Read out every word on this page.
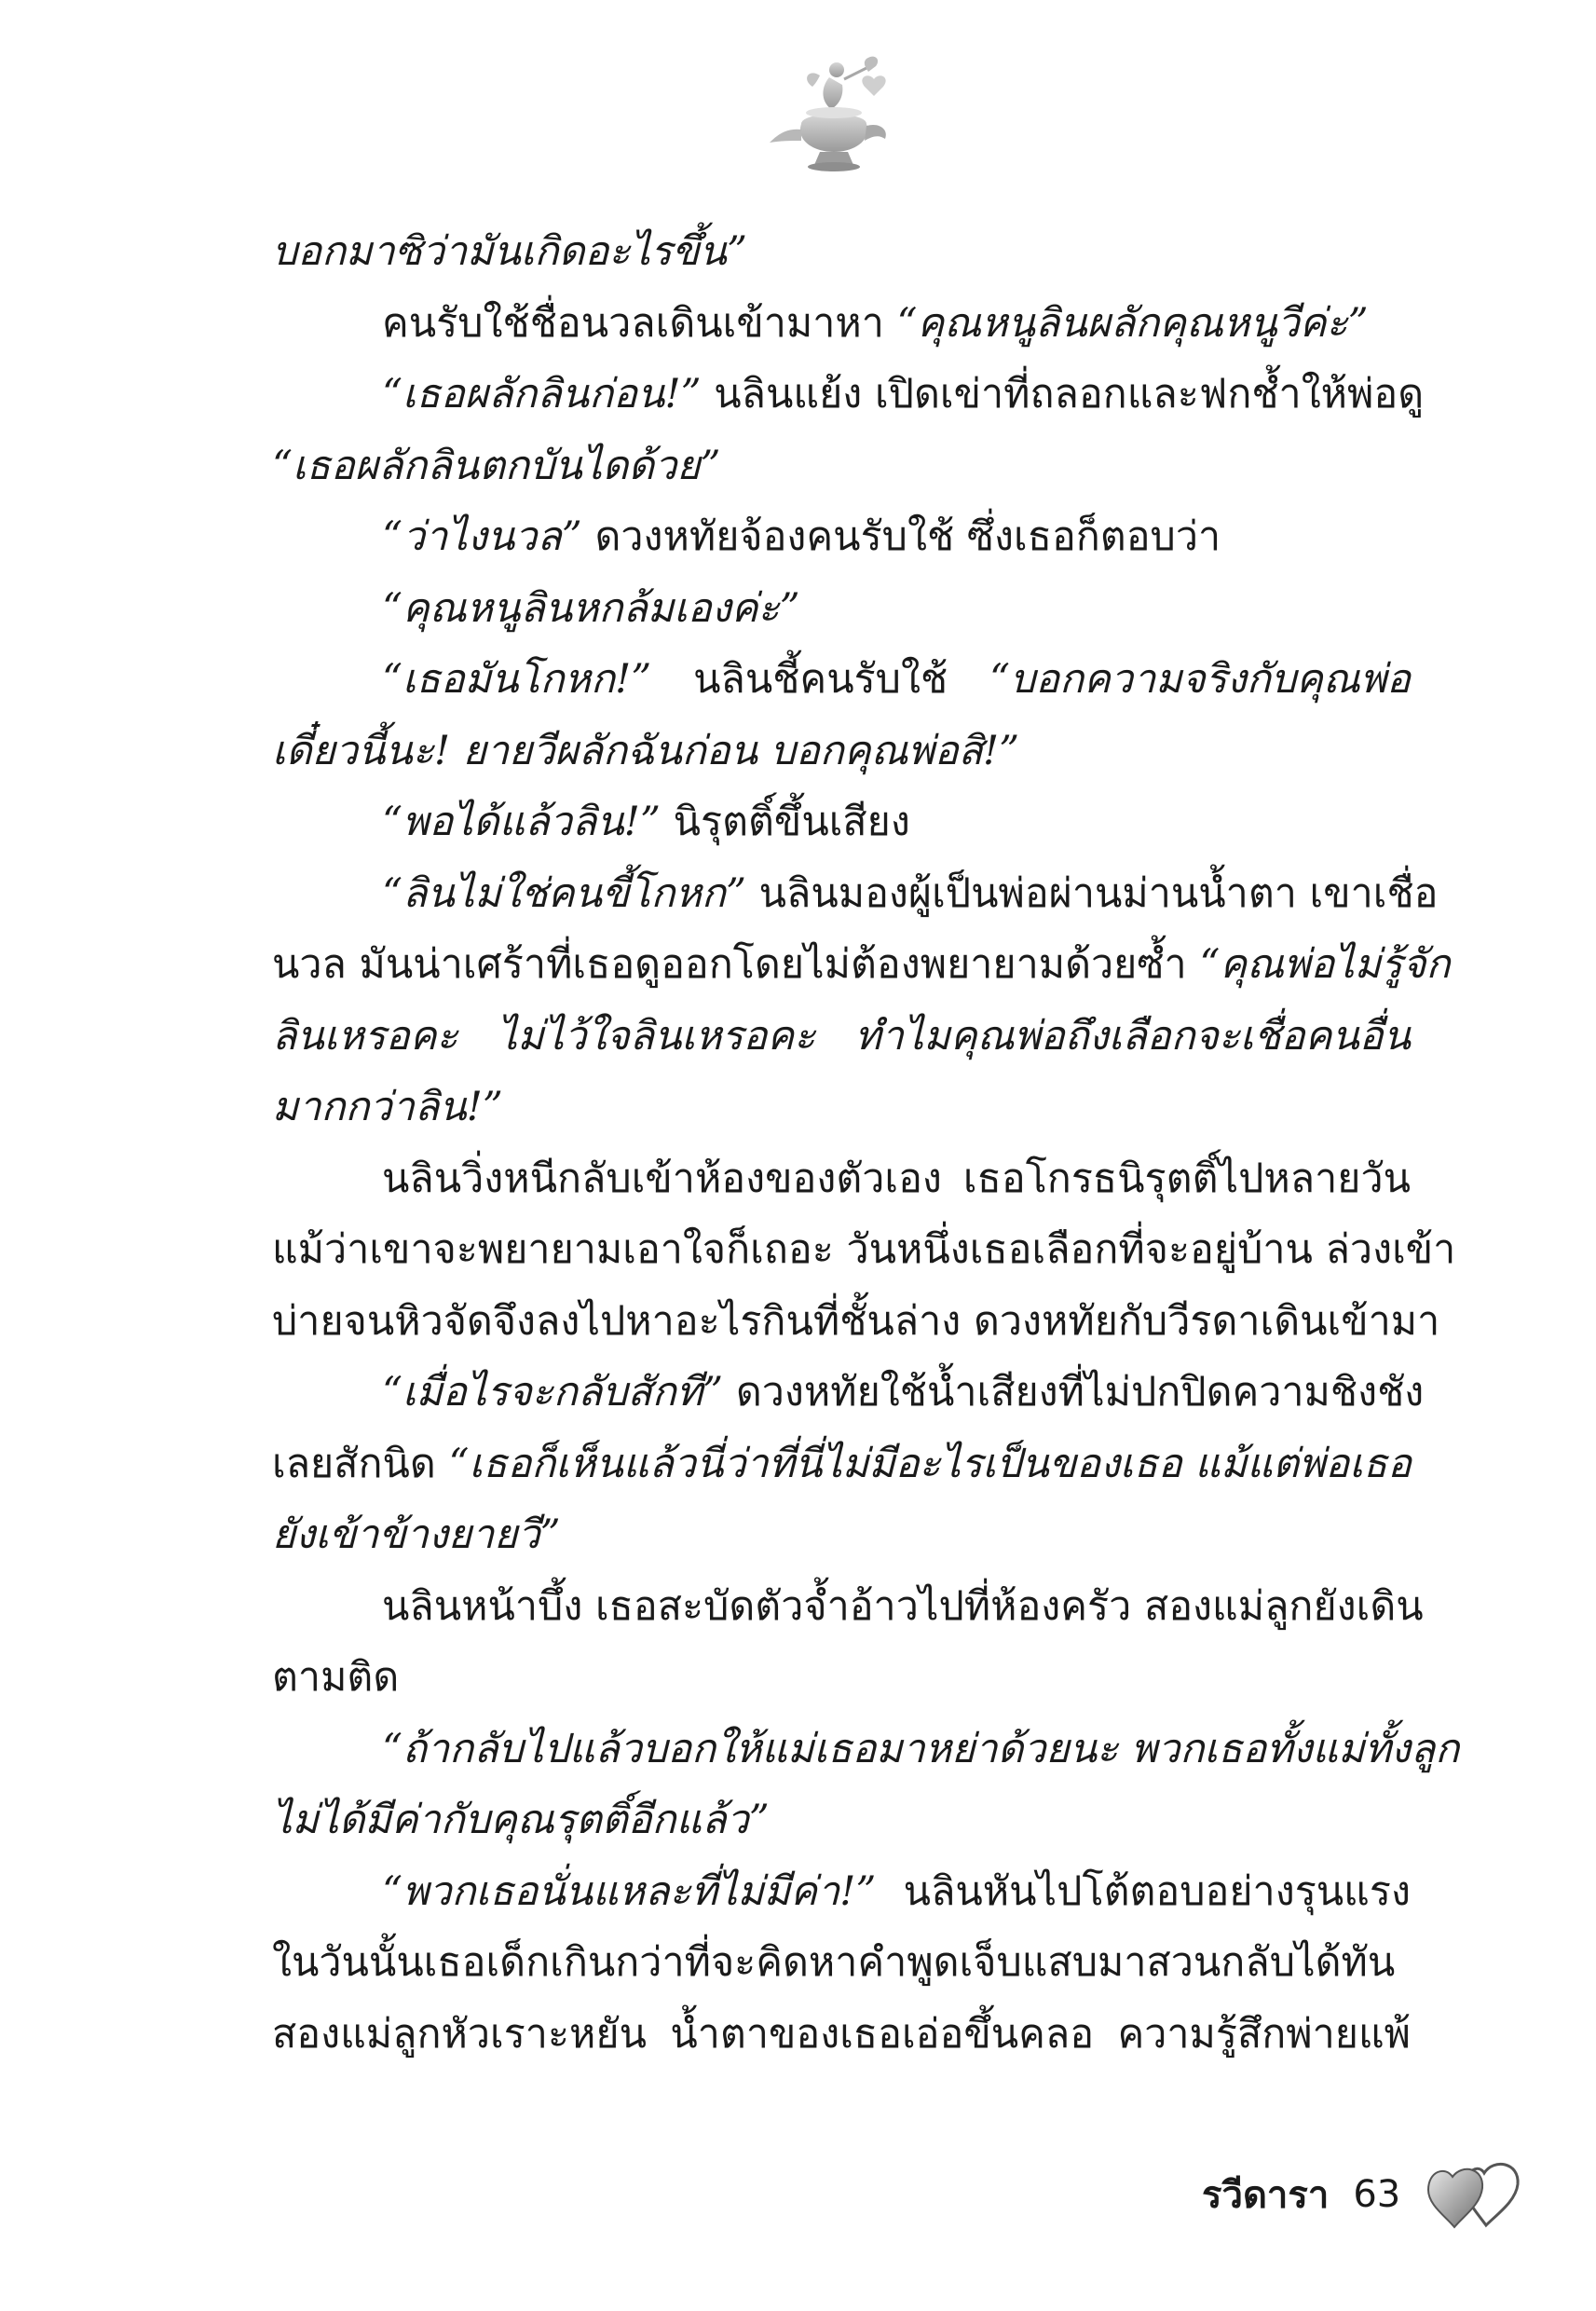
บอกมาซิว่ามันเกิดอะไรขึ้น”
คนรับใช้ชื่อนวลเดินเข้ามาหา “คุณหนูลินผลักคุณหนูวีค่ะ”
“เธอผลักลินก่อน!” นลินแย้ง เปิดเข่าที่ถลอกและฟกช้ำให้พ่อดู
“เธอผลักลินตกบันไดด้วย”
“ว่าไงนวล” ดวงหทัยจ้องคนรับใช้ ซึ่งเธอก็ตอบว่า
“คุณหนูลินหกล้มเองค่ะ”
“เธอมันโกหก!” นลินชี้คนรับใช้ “บอกความจริงกับคุณพ่อ
เดี๋ยวนี้นะ! ยายวีผลักฉันก่อน บอกคุณพ่อสิ!”
“พอได้แล้วลิน!” นิรุตติ์ขึ้นเสียง
“ลินไม่ใช่คนขี้โกหก” นลินมองผู้เป็นพ่อผ่านม่านน้ำตา เขาเชื่อ
นวล มันน่าเศร้าที่เธอดูออกโดยไม่ต้องพยายามด้วยซ้ำ “คุณพ่อไม่รู้จัก
ลินเหรอคะ ไม่ไว้ใจลินเหรอคะ ทำไมคุณพ่อถึงเลือกจะเชื่อคนอื่น
มากกว่าลิน!”
นลินวิ่งหนีกลับเข้าห้องของตัวเอง เธอโกรธนิรุตติ์ไปหลายวัน
แม้ว่าเขาจะพยายามเอาใจก็เถอะ วันหนึ่งเธอเลือกที่จะอยู่บ้าน ล่วงเข้า
บ่ายจนหิวจัดจึงลงไปหาอะไรกินที่ชั้นล่าง ดวงหทัยกับวีรดาเดินเข้ามา
“เมื่อไรจะกลับสักที” ดวงหทัยใช้น้ำเสียงที่ไม่ปกปิดความชิงชัง
เลยสักนิด “เธอก็เห็นแล้วนี่ว่าที่นี่ไม่มีอะไรเป็นของเธอ แม้แต่พ่อเธอ
ยังเข้าข้างยายวี”
นลินหน้าบึ้ง เธอสะบัดตัวจ้ำอ้าวไปที่ห้องครัว สองแม่ลูกยังเดิน
ตามติด
“ถ้ากลับไปแล้วบอกให้แม่เธอมาหย่าด้วยนะ พวกเธอทั้งแม่ทั้งลูก
ไม่ได้มีค่ากับคุณรุตติ์อีกแล้ว”
“พวกเธอนั่นแหละที่ไม่มีค่า!” นลินหันไปโต้ตอบอย่างรุนแรง
ในวันนั้นเธอเด็กเกินกว่าที่จะคิดหาคำพูดเจ็บแสบมาสวนกลับได้ทัน
สองแม่ลูกหัวเราะหยัน น้ำตาของเธอเอ่อขึ้นคลอ ความรู้สึกพ่ายแพ้
รวีดารา 63
